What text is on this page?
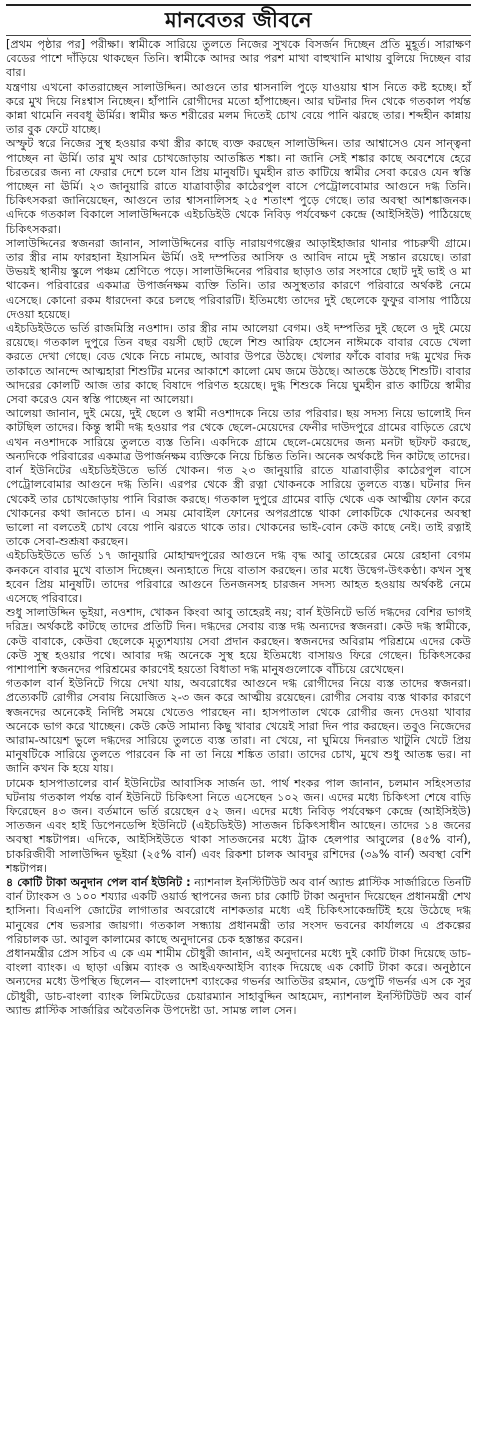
মানবেতর জীবনে

[প্রথম পৃষ্ঠার পর] পরীক্ষা। স্বামীকে সারিয়ে তুলতে নিজের সুখকে বিসর্জন দিচ্ছেন প্রতি মুহূর্ত। সারাক্ষণ বেডের পাশে দাঁড়িয়ে থাকছেন তিনি। স্বামীকে আদর আর পরশ মাখা বাহুখানি মাথায় বুলিয়ে দিচ্ছেন বার বার।

যন্ত্রণায় এখনো কাতরাচ্ছেন সালাউদ্দিন। আগুনে তার শ্বাসনালি পুড়ে যাওয়ায় শ্বাস নিতে কষ্ট হচ্ছে। হাঁ করে মুখ দিয়ে নিঃশ্বাস নিচ্ছেন। হাঁপানি রোগীদের মতো হাঁপাচ্ছেন। আর ঘটনার দিন থেকে গতকাল পর্যন্ত কান্না থামেনি নববধূ ঊর্মির। স্বামীর ক্ষত শরীরের মলম দিতেই চোখ বেয়ে পানি ঝরছে তার। শব্দহীন কান্নায় তার বুক ফেটে যাচ্ছে।

অস্ফুট স্বরে নিজের সুস্থ হওয়ার কথা স্ত্রীর কাছে ব্যক্ত করছেন সালাউদ্দিন। তার আশ্বাসেও যেন সান্ত্বনা পাচ্ছেন না ঊর্মি। তার মুখ আর চোখজোড়ায় আতঙ্কিত শঙ্কা। না জানি সেই শঙ্কার কাছে অবশেষে হেরে চিরতরের জন্য না ফেরার দেশে চলে যান প্রিয় মানুষটি। ঘুমহীন রাত কাটিয়ে স্বামীর সেবা করেও যেন স্বস্তি পাচ্ছেন না ঊর্মি। ২৩ জানুয়ারি রাতে যাত্রাবাড়ীর কাঠেরপুল বাসে পেট্রোলবোমার আগুনে দগ্ধ তিনি। চিকিৎসকরা জানিয়েছেন, আগুনে তার শ্বাসনালিসহ ২৫ শতাংশ পুড়ে গেছে। তার অবস্থা আশঙ্কাজনক। এদিকে গতকাল বিকালে সালাউদ্দিনকে এইচডিইউ থেকে নিবিড় পর্যবেক্ষণ কেন্দ্রে (আইসিইউ) পাঠিয়েছে চিকিৎসকরা।

সালাউদ্দিনের স্বজনরা জানান, সালাউদ্দিনের বাড়ি নারায়ণগঞ্জের আড়াইহাজার থানার পাচরুখী গ্রামে। তার স্ত্রীর নাম ফারহানা ইয়াসমিন ঊর্মি। ওই দম্পতির আসিফ ও আবিদ নামে দুই সন্তান রয়েছে। তারা উভয়ই স্থানীয় স্কুলে পঞ্চম শ্রেণিতে পড়ে। সালাউদ্দিনের পরিবার ছাড়াও তার সংসারে ছোট দুই ভাই ও মা থাকেন। পরিবারের একমাত্র উপার্জনক্ষম ব্যক্তি তিনি। তার অসুস্থতার কারণে পরিবারে অর্থকষ্ট নেমে এসেছে। কোনো রকম ধারদেনা করে চলছে পরিবারটি। ইতিমধ্যে তাদের দুই ছেলেকে ফুফুর বাসায় পাঠিয়ে দেওয়া হয়েছে।

এইচডিইউতে ভর্তি রাজমিস্ত্রি নওশাদ। তার স্ত্রীর নাম আলেয়া বেগম। ওই দম্পতির দুই ছেলে ও দুই মেয়ে রয়েছে। গতকাল দুপুরে তিন বছর বয়সী ছোট ছেলে শিশু আরিফ হোসেন নাঈমকে বাবার বেডে খেলা করতে দেখা গেছে। বেড থেকে নিচে নামছে, আবার উপরে উঠছে। খেলার ফাঁকে বাবার দগ্ধ মুখের দিক তাকাতে আনন্দে আত্মহারা শিশুটির মনের আকাশে কালো মেঘ জমে উঠছে। আতঙ্কে উঠছে শিশুটি। বাবার আদরের কোলটি আজ তার কাছে বিষাদে পরিণত হয়েছে। দুগ্ধ শিশুকে নিয়ে ঘুমহীন রাত কাটিয়ে স্বামীর সেবা করেও যেন স্বস্তি পাচ্ছেন না আলেয়া।

আলেয়া জানান, দুই মেয়ে, দুই ছেলে ও স্বামী নওশাদকে নিয়ে তার পরিবার। ছয় সদস্য নিয়ে ভালোই দিন কাটছিল তাদের। কিন্তু স্বামী দগ্ধ হওয়ার পর থেকে ছেলে-মেয়েদের ফেনীর দাউদপুরে গ্রামের বাড়িতে রেখে এখন নওশাদকে সারিয়ে তুলতে ব্যস্ত তিনি। একদিকে গ্রামে ছেলে-মেয়েদের জন্য মনটা ছটফট করছে, অন্যদিকে পরিবারের একমাত্র উপার্জনক্ষম ব্যক্তিকে নিয়ে চিন্তিত তিনি। অনেক অর্থকষ্টে দিন কাটছে তাদের।

বার্ন ইউনিটের এইচডিইউতে ভর্তি খোকন। গত ২৩ জানুয়ারি রাতে যাত্রাবাড়ীর কাঠেরপুল বাসে পেট্রোলবোমার আগুনে দগ্ধ তিনি। এরপর থেকে স্ত্রী রত্না খোকনকে সারিয়ে তুলতে ব্যস্ত। ঘটনার দিন থেকেই তার চোখজোড়ায় পানি বিরাজ করছে। গতকাল দুপুরে গ্রামের বাড়ি থেকে এক আত্মীয় ফোন করে খোকনের কথা জানতে চান। এ সময় মোবাইল ফোনের অপরপ্রান্তে থাকা লোকটিকে খোকনের অবস্থা ভালো না বলতেই চোখ বেয়ে পানি ঝরতে থাকে তার। খোকনের ভাই-বোন কেউ কাছে নেই। তাই রত্নাই তাকে সেবা-শুশ্রূষা করছেন।

এইচডিইউতে ভর্তি ১৭ জানুয়ারি মোহাম্মদপুরের আগুনে দগ্ধ বৃদ্ধ আবু তাহেরের মেয়ে রেহানা বেগম কনকনে বাবার মুখে বাতাস দিচ্ছেন। অন্যহাতে দিয়ে বাতাস করছেন। তার মধ্যে উদ্বেগ-উৎকণ্ঠা। কখন সুস্থ হবেন প্রিয় মানুষটি। তাদের পরিবারে আগুনে তিনজনসহ চারজন সদস্য আহত হওয়ায় অর্থকষ্ট নেমে এসেছে পরিবারে।

শুধু সালাউদ্দিন ভূইয়া, নওশাদ, খোকন কিংবা আবু তাহেরই নয়; বার্ন ইউনিটে ভর্তি দগ্ধদের বেশির ভাগই দরিদ্র। অর্থকষ্টে কাটছে তাদের প্রতিটি দিন। দগ্ধদের সেবায় ব্যস্ত দগ্ধ অন্যদের স্বজনরা। কেউ দগ্ধ স্বামীকে, কেউ বাবাকে, কেউবা ছেলেকে মৃত্যুশয্যায় সেবা প্রদান করছেন। স্বজনদের অবিরাম পরিশ্রমে এদের কেউ কেউ সুস্থ হওয়ার পথে। আবার দগ্ধ অনেকে সুস্থ হয়ে ইতিমধ্যে বাসায়ও ফিরে গেছেন। চিকিৎসকের পাশাপাশি স্বজনদের পরিশ্রমের কারণেই হয়তো বিধাতা দগ্ধ মানুষগুলোকে বাঁচিয়ে রেখেছেন।

গতকাল বার্ন ইউনিটে গিয়ে দেখা যায়, অবরোধের আগুনে দগ্ধ রোগীদের নিয়ে ব্যস্ত তাদের স্বজনরা। প্রত্যেকটি রোগীর সেবায় নিয়োজিত ২-৩ জন করে আত্মীয় রয়েছেন। রোগীর সেবায় ব্যস্ত থাকার কারণে স্বজনদের অনেকেই নির্দিষ্ট সময়ে খেতেও পারছেন না। হাসপাতাল থেকে রোগীর জন্য দেওয়া খাবার অনেকে ভাগ করে খাচ্ছেন। কেউ কেউ সামান্য কিছু খাবার খেয়েই সারা দিন পার করছেন। তবুও নিজেদের আরাম-আয়েশ ভুলে দগ্ধদের সারিয়ে তুলতে ব্যস্ত তারা। না খেয়ে, না ঘুমিয়ে দিনরাত খাটুনি খেটে প্রিয় মানুষটিকে সারিয়ে তুলতে পারবেন কি না তা নিয়ে শঙ্কিত তারা। তাদের চোখ, মুখে শুধু আতঙ্ক ভর। না জানি কখন কি হয়ে যায়।

ঢামেক হাসপাতালের বার্ন ইউনিটের আবাসিক সার্জন ডা. পার্থ শংকর পাল জানান, চলমান সহিংসতার ঘটনায় গতকাল পর্যন্ত বার্ন ইউনিটে চিকিৎসা নিতে এসেছেন ১০২ জন। এদের মধ্যে চিকিৎসা শেষে বাড়ি ফিরেছেন ৪৩ জন। বর্তমানে ভর্তি রয়েছেন ৫২ জন। এদের মধ্যে নিবিড় পর্যবেক্ষণ কেন্দ্রে (আইসিইউ) সাতজন এবং হাই ডিপেনডেন্সি ইউনিটে (এইচডিইউ) সাতজন চিকিৎসাধীন আছেন। তাদের ১৪ জনের অবস্থা শঙ্কটাপন্ন। এদিকে, আইসিইউতে থাকা সাতজনের মধ্যে ট্রাক হেলপার আবুলের (৪৫% বার্ন), চাকরিজীবী সালাউদ্দিন ভূইয়া (২৫% বার্ন) এবং রিকশা চালক আবদুর রশিদের (৩৯% বার্ন) অবস্থা বেশি শঙ্কটাপন্ন।

৪ কোটি টাকা অনুদান পেল বার্ন ইউনিট : ন্যাশনাল ইনস্টিটিউট অব বার্ন অ্যান্ড প্লাস্টিক সার্জারিতে তিনটি বার্ন ট্যাংকস ও ১০০ শয্যার একটি ওয়ার্ড স্থাপনের জন্য চার কোটি টাকা অনুদান দিয়েছেন প্রধানমন্ত্রী শেখ হাসিনা। বিএনপি জোটের লাগাতার অবরোধে নাশকতার মধ্যে এই চিকিৎসাকেন্দ্রটিই হয়ে উঠেছে দগ্ধ মানুষের শেষ ভরসার জায়গা। গতকাল সন্ধ্যায় প্রধানমন্ত্রী তার সংসদ ভবনের কার্যালয়ে এ প্রকল্পের পরিচালক ডা. আবুল কালামের কাছে অনুদানের চেক হস্তান্তর করেন।

প্রধানমন্ত্রীর প্রেস সচিব এ কে এম শামীম চৌধুরী জানান, এই অনুদানের মধ্যে দুই কোটি টাকা দিয়েছে ডাচ-বাংলা ব্যাংক। এ ছাড়া এক্সিম ব্যাংক ও আইএফআইসি ব্যাংক দিয়েছে এক কোটি টাকা করে। অনুষ্ঠানে অন্যদের মধ্যে উপস্থিত ছিলেন— বাংলাদেশ ব্যাংকের গভর্নর আতিউর রহমান, ডেপুটি গভর্নর এস কে সুর চৌধুরী, ডাচ-বাংলা ব্যাংক লিমিটেডের চেয়ারম্যান সাহাবুদ্দিন আহমেদ, ন্যাশনাল ইনস্টিটিউট অব বার্ন অ্যান্ড প্লাস্টিক সার্জারির অবৈতনিক উপদেষ্টা ডা. সামন্ত লাল সেন।
